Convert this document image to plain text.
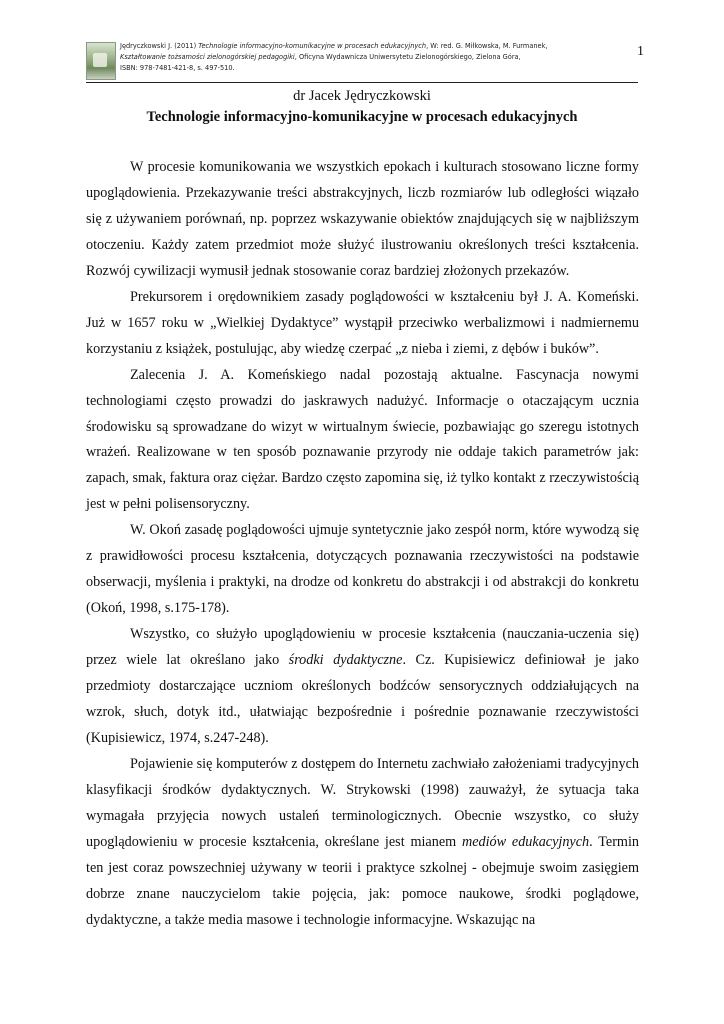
Jędryczkowski J. (2011) Technologie informacyjno-komunikacyjne w procesach edukacyjnych, W: red. G. Miłkowska, M. Furmanek,
Kształtowanie tożsamości zielonogórskiej pedagogiki, Oficyna Wydawnicza Uniwersytetu Zielonogórskiego, Zielona Góra,
ISBN: 978-7481-421-8, s. 497-510.
1
dr Jacek Jędryczkowski
Technologie informacyjno-komunikacyjne w procesach edukacyjnych

W procesie komunikowania we wszystkich epokach i kulturach stosowano liczne formy upoglądowienia. Przekazywanie treści abstrakcyjnych, liczb rozmiarów lub odległości wiązało się z używaniem porównań, np. poprzez wskazywanie obiektów znajdujących się w najbliższym otoczeniu. Każdy zatem przedmiot może służyć ilustrowaniu określonych treści kształcenia. Rozwój cywilizacji wymusił jednak stosowanie coraz bardziej złożonych przekazów.

Prekursorem i orędownikiem zasady poglądowości w kształceniu był J. A. Komeński. Już w 1657 roku w „Wielkiej Dydaktyce” wystąpił przeciwko werbalizmowi i nadmiernemu korzystaniu z książek, postulując, aby wiedzę czerpać „z nieba i ziemi, z dębów i buków”.

Zalecenia J. A. Komeńskiego nadal pozostają aktualne. Fascynacja nowymi technologiami często prowadzi do jaskrawych nadużyć. Informacje o otaczającym ucznia środowisku są sprowadzane do wizyt w wirtualnym świecie, pozbawiając go szeregu istotnych wrażeń. Realizowane w ten sposób poznawanie przyrody nie oddaje takich parametrów jak: zapach, smak, faktura oraz ciężar. Bardzo często zapomina się, iż tylko kontakt z rzeczywistością jest w pełni polisensoryczny.

W. Okoń zasadę poglądowości ujmuje syntetycznie jako zespół norm, które wywodzą się z prawidłowości procesu kształcenia, dotyczących poznawania rzeczywistości na podstawie obserwacji, myślenia i praktyki, na drodze od konkretu do abstrakcji i od abstrakcji do konkretu (Okoń, 1998, s.175-178).

Wszystko, co służyło upoglądowieniu w procesie kształcenia (nauczania-uczenia się) przez wiele lat określano jako środki dydaktyczne. Cz. Kupisiewicz definiował je jako przedmioty dostarczające uczniom określonych bodźców sensorycznych oddziałujących na wzrok, słuch, dotyk itd., ułatwiając bezpośrednie i pośrednie poznawanie rzeczywistości (Kupisiewicz, 1974, s.247-248).

Pojawienie się komputerów z dostępem do Internetu zachwiało założeniami tradycyjnych klasyfikacji środków dydaktycznych. W. Strykowski (1998) zauważył, że sytuacja taka wymagała przyjęcia nowych ustaleń terminologicznych. Obecnie wszystko, co służy upoglądowieniu w procesie kształcenia, określane jest mianem mediów edukacyjnych. Termin ten jest coraz powszechniej używany w teorii i praktyce szkolnej - obejmuje swoim zasięgiem dobrze znane nauczycielom takie pojęcia, jak: pomoce naukowe, środki poglądowe, dydaktyczne, a także media masowe i technologie informacyjne. Wskazując na
